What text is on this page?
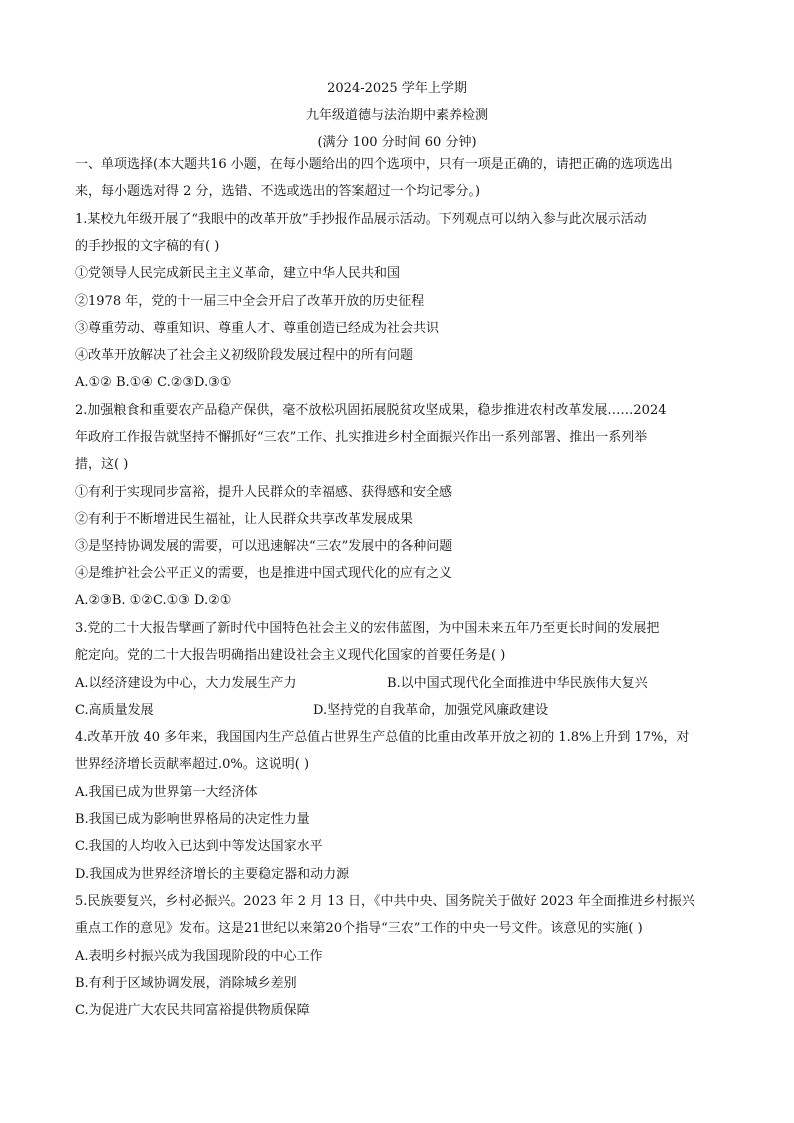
2024-2025 学年上学期
九年级道德与法治期中素养检测
(满分 100 分时间 60 分钟)
一、单项选择(本大题共16 小题，在每小题给出的四个选项中，只有一项是正确的，请把正确的选项选出
来，每小题选对得 2 分，选错、不选或选出的答案超过一个均记零分。)
1.某校九年级开展了“我眼中的改革开放”手抄报作品展示活动。下列观点可以纳入参与此次展示活动
的手抄报的文字稿的有( )
①党领导人民完成新民主主义革命，建立中华人民共和国
②1978 年，党的十一届三中全会开启了改革开放的历史征程
③尊重劳动、尊重知识、尊重人才、尊重创造已经成为社会共识
④改革开放解决了社会主义初级阶段发展过程中的所有问题
A.①② B.①④ C.②③D.③①
2.加强粮食和重要农产品稳产保供，毫不放松巩固拓展脱贫攻坚成果，稳步推进农村改革发展……2024
年政府工作报告就坚持不懈抓好“三农”工作、扎实推进乡村全面振兴作出一系列部署、推出一系列举
措，这( )
①有利于实现同步富裕，提升人民群众的幸福感、获得感和安全感
②有利于不断增进民生福祉，让人民群众共享改革发展成果
③是坚持协调发展的需要，可以迅速解决“三农”发展中的各种问题
④是维护社会公平正义的需要，也是推进中国式现代化的应有之义
A.②③B. ①②C.①③ D.②①
3.党的二十大报告擘画了新时代中国特色社会主义的宏伟蓝图，为中国未来五年乃至更长时间的发展把
舵定向。党的二十大报告明确指出建设社会主义现代化国家的首要任务是( )
A.以经济建设为中心，大力发展生产力	B.以中国式现代化全面推进中华民族伟大复兴
C.高质量发展	D.坚持党的自我革命，加强党风廉政建设
4.改革开放 40 多年来，我国国内生产总值占世界生产总值的比重由改革开放之初的 1.8%上升到 17%，对
世界经济增长贡献率超过.0%。这说明( )
A.我国已成为世界第一大经济体
B.我国已成为影响世界格局的决定性力量
C.我国的人均收入已达到中等发达国家水平
D.我国成为世界经济增长的主要稳定器和动力源
5.民族要复兴，乡村必振兴。2023 年 2 月 13 日，《中共中央、国务院关于做好 2023 年全面推进乡村振兴
重点工作的意见》发布。这是21世纪以来第20个指导“三农”工作的中央一号文件。该意见的实施( )
A.表明乡村振兴成为我国现阶段的中心工作
B.有利于区域协调发展，消除城乡差别
C.为促进广大农民共同富裕提供物质保障
